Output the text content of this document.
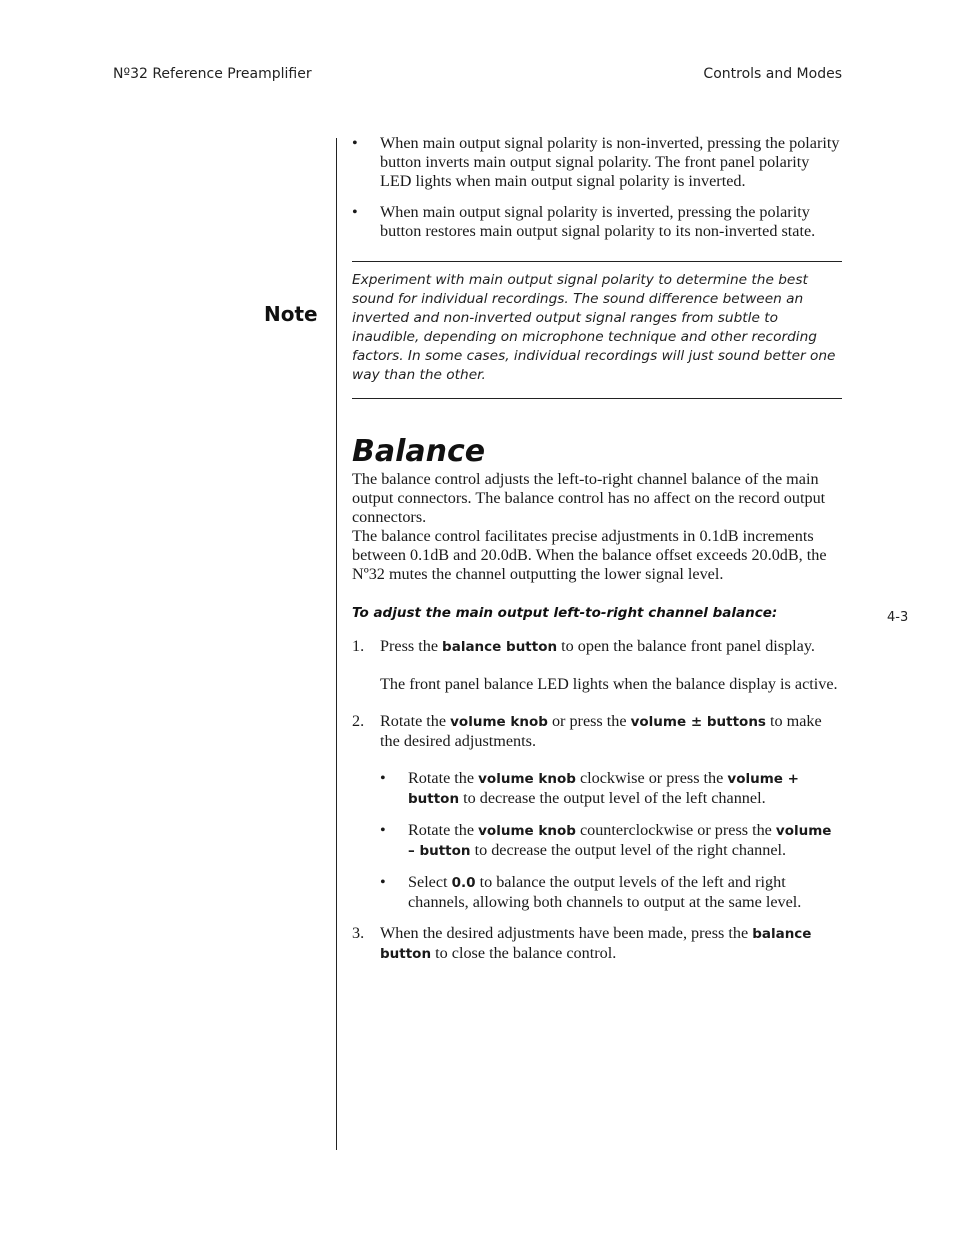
Nº32 Reference Preamplifier	Controls and Modes
4-3
Note
• When main output signal polarity is non-inverted, pressing the polarity button inverts main output signal polarity. The front panel polarity LED lights when main output signal polarity is inverted.
• When main output signal polarity is inverted, pressing the polarity button restores main output signal polarity to its non-inverted state.
Experiment with main output signal polarity to determine the best sound for individual recordings. The sound difference between an inverted and non-inverted output signal ranges from subtle to inaudible, depending on microphone technique and other recording factors. In some cases, individual recordings will just sound better one way than the other.
Balance

The balance control adjusts the left-to-right channel balance of the main output connectors. The balance control has no affect on the record output connectors.

The balance control facilitates precise adjustments in 0.1dB increments between 0.1dB and 20.0dB. When the balance offset exceeds 20.0dB, the Nº32 mutes the channel outputting the lower signal level.

To adjust the main output left-to-right channel balance:
1. Press the balance button to open the balance front panel display.
The front panel balance LED lights when the balance display is active.
2. Rotate the volume knob or press the volume ± buttons to make the desired adjustments.
• Rotate the volume knob clockwise or press the volume + button to decrease the output level of the left channel.
• Rotate the volume knob counterclockwise or press the volume – button to decrease the output level of the right channel.
• Select 0.0 to balance the output levels of the left and right channels, allowing both channels to output at the same level.
3. When the desired adjustments have been made, press the balance button to close the balance control.
